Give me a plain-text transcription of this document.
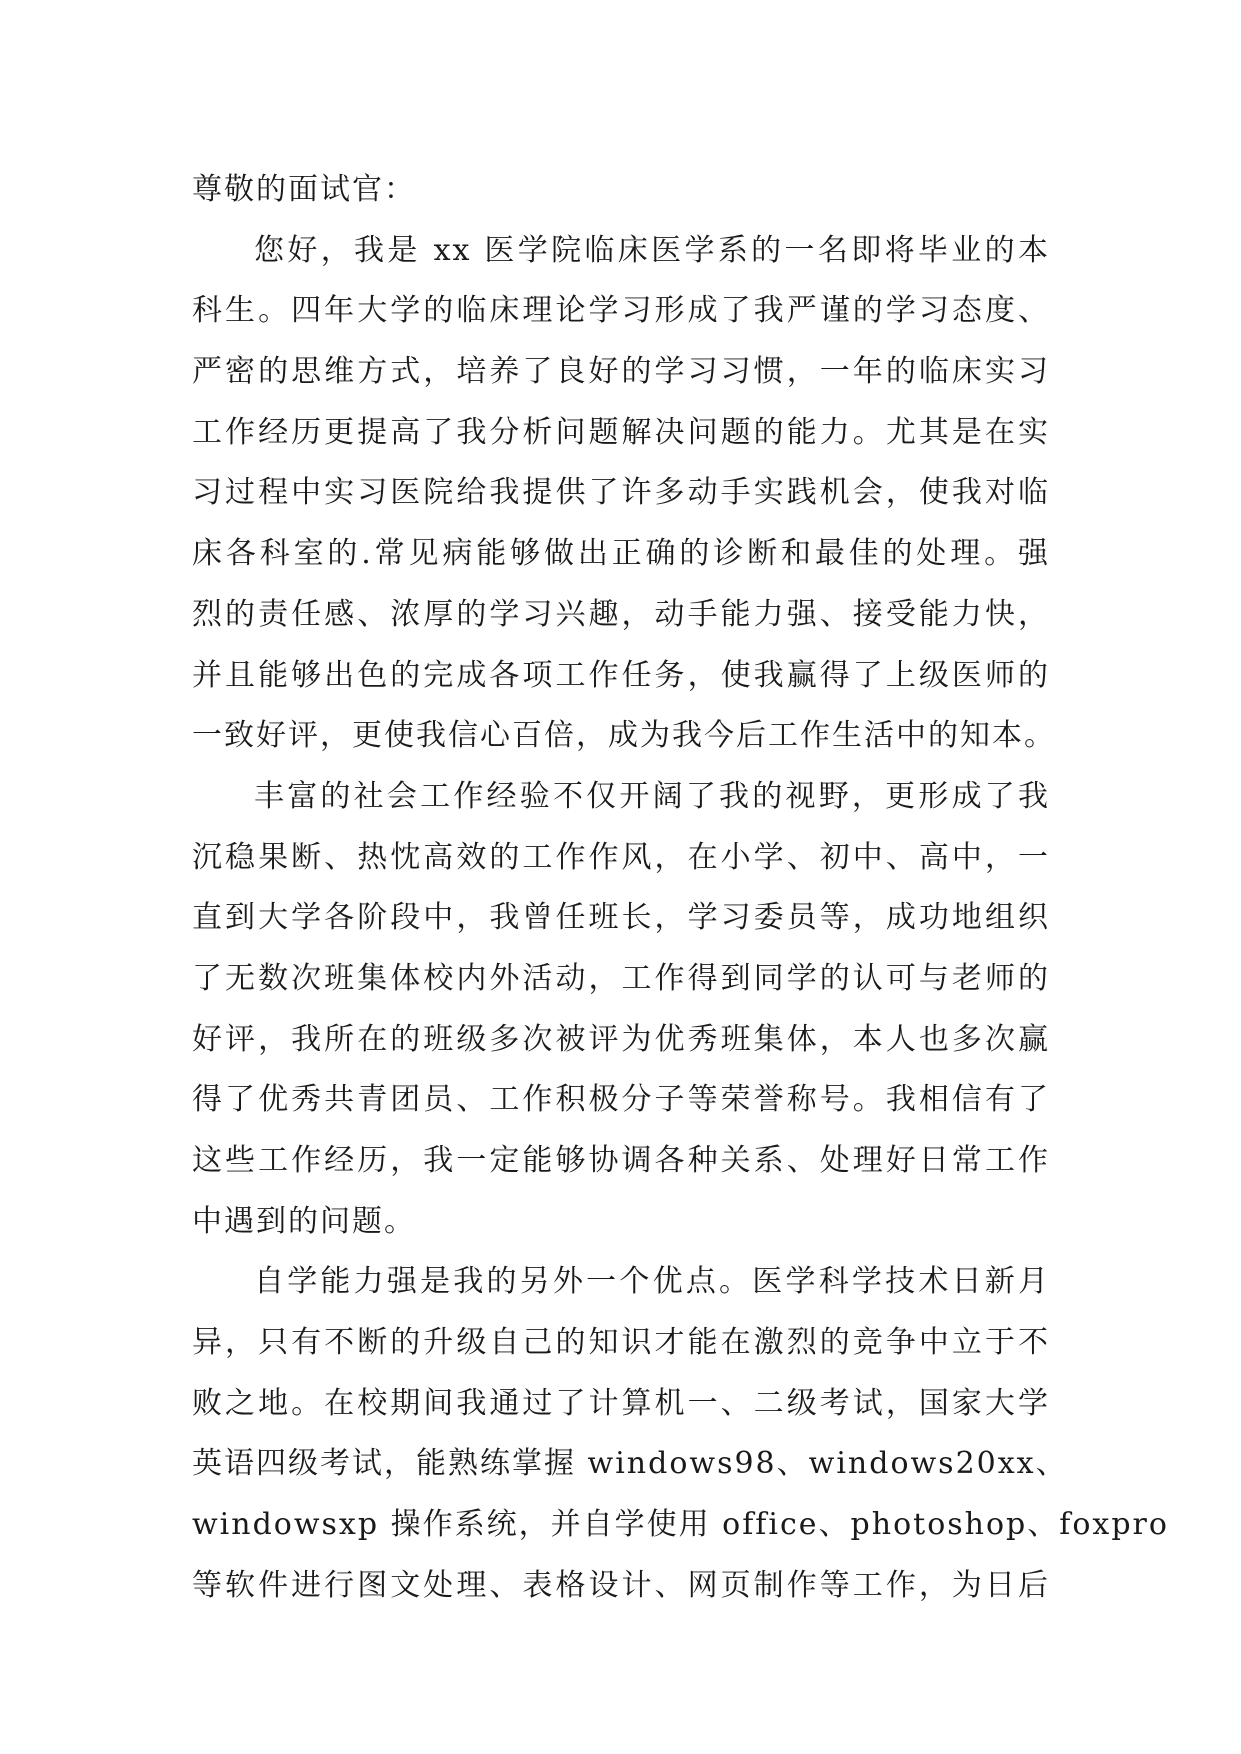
尊敬的面试官：
您好，我是 xx 医学院临床医学系的一名即将毕业的本
科生。四年大学的临床理论学习形成了我严谨的学习态度、
严密的思维方式，培养了良好的学习习惯，一年的临床实习
工作经历更提高了我分析问题解决问题的能力。尤其是在实
习过程中实习医院给我提供了许多动手实践机会，使我对临
床各科室的.常见病能够做出正确的诊断和最佳的处理。强
烈的责任感、浓厚的学习兴趣，动手能力强、接受能力快，
并且能够出色的完成各项工作任务，使我赢得了上级医师的
一致好评，更使我信心百倍，成为我今后工作生活中的知本。
丰富的社会工作经验不仅开阔了我的视野，更形成了我
沉稳果断、热忱高效的工作作风，在小学、初中、高中，一
直到大学各阶段中，我曾任班长，学习委员等，成功地组织
了无数次班集体校内外活动，工作得到同学的认可与老师的
好评，我所在的班级多次被评为优秀班集体，本人也多次赢
得了优秀共青团员、工作积极分子等荣誉称号。我相信有了
这些工作经历，我一定能够协调各种关系、处理好日常工作
中遇到的问题。
自学能力强是我的另外一个优点。医学科学技术日新月
异，只有不断的升级自己的知识才能在激烈的竞争中立于不
败之地。在校期间我通过了计算机一、二级考试，国家大学
英语四级考试，能熟练掌握 windows98、windows20xx、
windowsxp 操作系统，并自学使用 office、photoshop、foxpro
等软件进行图文处理、表格设计、网页制作等工作，为日后
